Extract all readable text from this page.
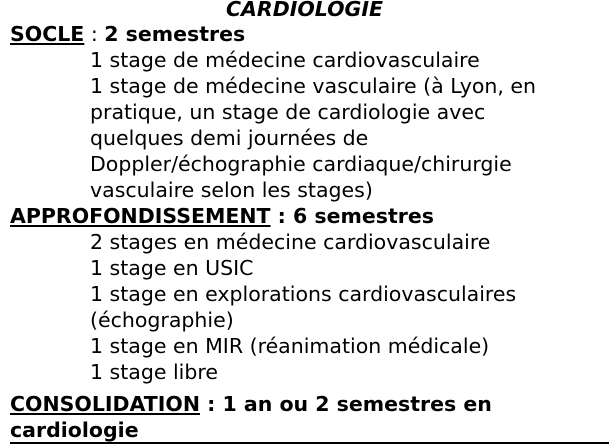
CARDIOLOGIE
SOCLE : 2 semestres
1 stage de médecine cardiovasculaire
1 stage de médecine vasculaire (à Lyon, en
pratique, un stage de cardiologie avec
quelques demi journées de
Doppler/échographie cardiaque/chirurgie
vasculaire selon les stages)
APPROFONDISSEMENT : 6 semestres
2 stages en médecine cardiovasculaire
1 stage en USIC
1 stage en explorations cardiovasculaires
(échographie)
1 stage en MIR (réanimation médicale)
1 stage libre
CONSOLIDATION : 1 an ou 2 semestres en
cardiologie
